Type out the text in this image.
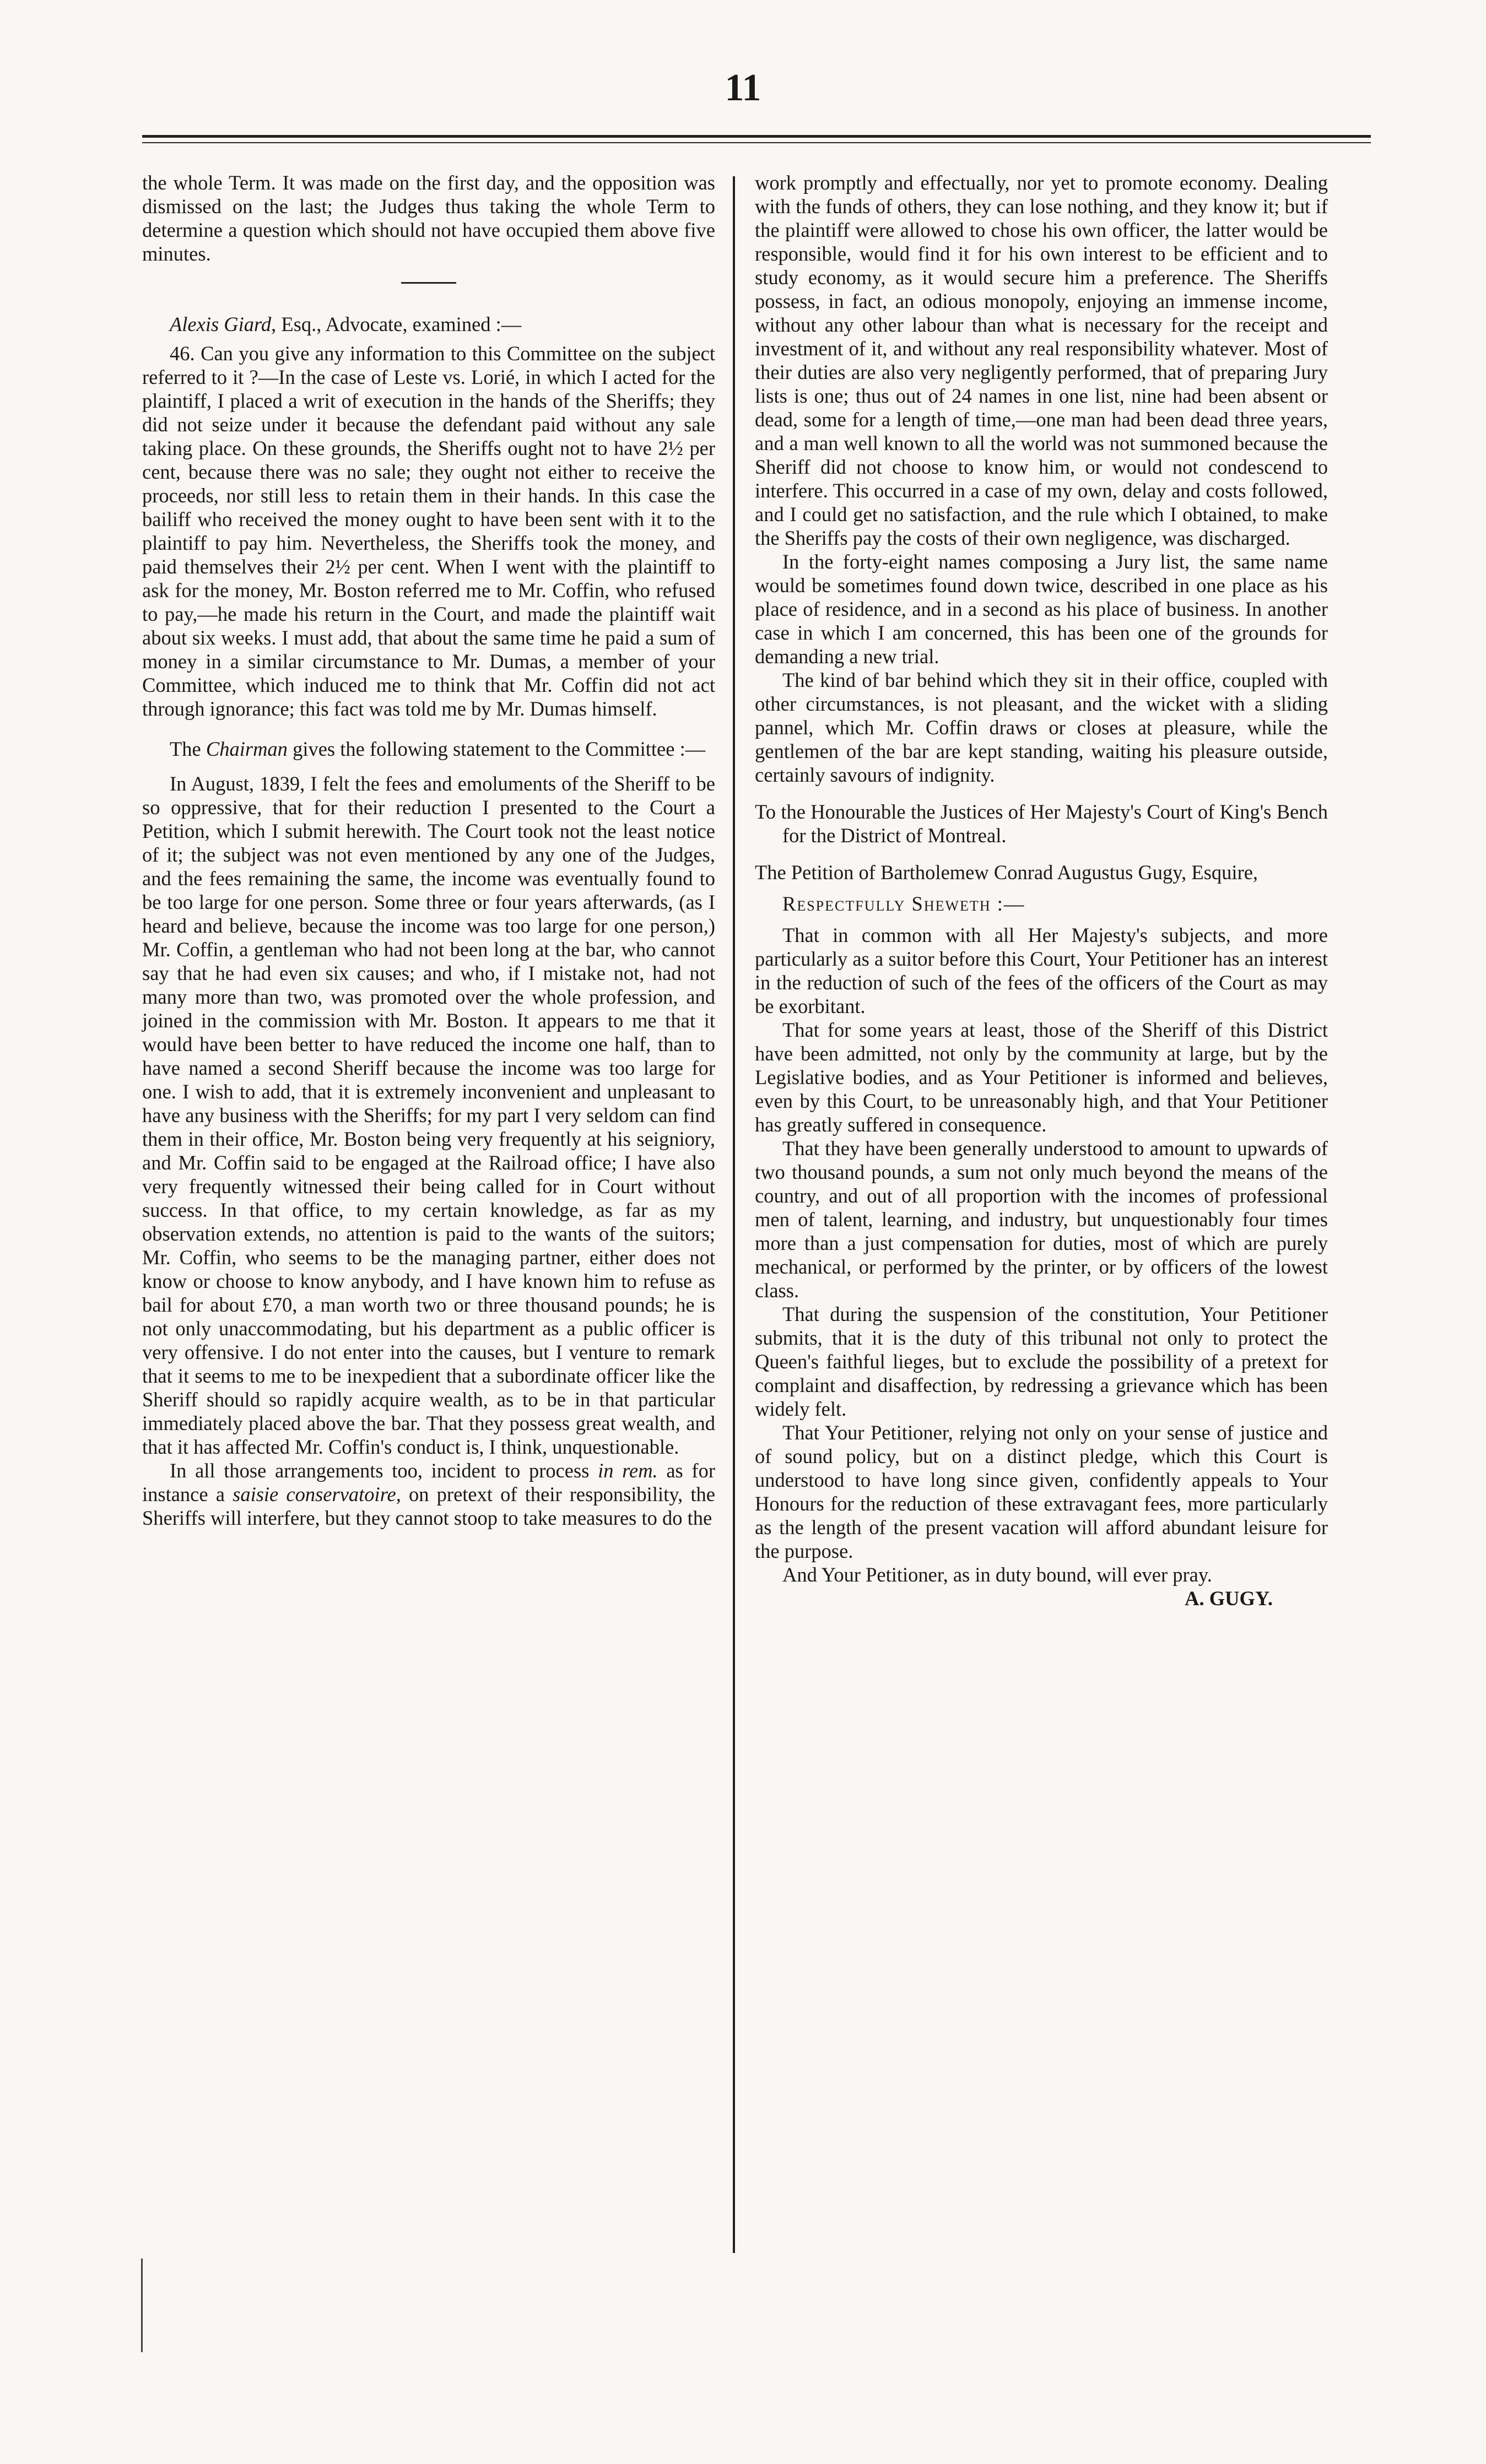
11

the whole Term. It was made on the first day, and the opposition was dismissed on the last; the Judges thus taking the whole Term to determine a question which should not have occupied them above five minutes.

Alexis Giard, Esq., Advocate, examined :—

46. Can you give any information to this Committee on the subject referred to it ?—In the case of Leste vs. Lorié, in which I acted for the plaintiff, I placed a writ of execution in the hands of the Sheriffs; they did not seize under it because the defendant paid without any sale taking place. On these grounds, the Sheriffs ought not to have 2½ per cent, because there was no sale; they ought not either to receive the proceeds, nor still less to retain them in their hands. In this case the bailiff who received the money ought to have been sent with it to the plaintiff to pay him. Nevertheless, the Sheriffs took the money, and paid themselves their 2½ per cent. When I went with the plaintiff to ask for the money, Mr. Boston referred me to Mr. Coffin, who refused to pay,—he made his return in the Court, and made the plaintiff wait about six weeks. I must add, that about the same time he paid a sum of money in a similar circumstance to Mr. Dumas, a member of your Committee, which induced me to think that Mr. Coffin did not act through ignorance; this fact was told me by Mr. Dumas himself.

The Chairman gives the following statement to the Committee :—

In August, 1839, I felt the fees and emoluments of the Sheriff to be so oppressive, that for their reduction I presented to the Court a Petition, which I submit herewith. The Court took not the least notice of it; the subject was not even mentioned by any one of the Judges, and the fees remaining the same, the income was eventually found to be too large for one person. Some three or four years afterwards, (as I heard and believe, because the income was too large for one person,) Mr. Coffin, a gentleman who had not been long at the bar, who cannot say that he had even six causes; and who, if I mistake not, had not many more than two, was promoted over the whole profession, and joined in the commission with Mr. Boston. It appears to me that it would have been better to have reduced the income one half, than to have named a second Sheriff because the income was too large for one. I wish to add, that it is extremely inconvenient and unpleasant to have any business with the Sheriffs; for my part I very seldom can find them in their office, Mr. Boston being very frequently at his seigniory, and Mr. Coffin said to be engaged at the Railroad office; I have also very frequently witnessed their being called for in Court without success. In that office, to my certain knowledge, as far as my observation extends, no attention is paid to the wants of the suitors; Mr. Coffin, who seems to be the managing partner, either does not know or choose to know anybody, and I have known him to refuse as bail for about £70, a man worth two or three thousand pounds; he is not only unaccommodating, but his department as a public officer is very offensive. I do not enter into the causes, but I venture to remark that it seems to me to be inexpedient that a subordinate officer like the Sheriff should so rapidly acquire wealth, as to be in that particular immediately placed above the bar. That they possess great wealth, and that it has affected Mr. Coffin's conduct is, I think, unquestionable.

In all those arrangements too, incident to process in rem. as for instance a saisie conservatoire, on pretext of their responsibility, the Sheriffs will interfere, but they cannot stoop to take measures to do the

work promptly and effectually, nor yet to promote economy. Dealing with the funds of others, they can lose nothing, and they know it; but if the plaintiff were allowed to chose his own officer, the latter would be responsible, would find it for his own interest to be efficient and to study economy, as it would secure him a preference. The Sheriffs possess, in fact, an odious monopoly, enjoying an immense income, without any other labour than what is necessary for the receipt and investment of it, and without any real responsibility whatever. Most of their duties are also very negligently performed, that of preparing Jury lists is one; thus out of 24 names in one list, nine had been absent or dead, some for a length of time,—one man had been dead three years, and a man well known to all the world was not summoned because the Sheriff did not choose to know him, or would not condescend to interfere. This occurred in a case of my own, delay and costs followed, and I could get no satisfaction, and the rule which I obtained, to make the Sheriffs pay the costs of their own negligence, was discharged.

In the forty-eight names composing a Jury list, the same name would be sometimes found down twice, described in one place as his place of residence, and in a second as his place of business. In another case in which I am concerned, this has been one of the grounds for demanding a new trial.

The kind of bar behind which they sit in their office, coupled with other circumstances, is not pleasant, and the wicket with a sliding pannel, which Mr. Coffin draws or closes at pleasure, while the gentlemen of the bar are kept standing, waiting his pleasure outside, certainly savours of indignity.

To the Honourable the Justices of Her Majesty's Court of King's Bench for the District of Montreal.

The Petition of Bartholemew Conrad Augustus Gugy, Esquire,

Respectfully Sheweth :—

That in common with all Her Majesty's subjects, and more particularly as a suitor before this Court, Your Petitioner has an interest in the reduction of such of the fees of the officers of the Court as may be exorbitant.

That for some years at least, those of the Sheriff of this District have been admitted, not only by the community at large, but by the Legislative bodies, and as Your Petitioner is informed and believes, even by this Court, to be unreasonably high, and that Your Petitioner has greatly suffered in consequence.

That they have been generally understood to amount to upwards of two thousand pounds, a sum not only much beyond the means of the country, and out of all proportion with the incomes of professional men of talent, learning, and industry, but unquestionably four times more than a just compensation for duties, most of which are purely mechanical, or performed by the printer, or by officers of the lowest class.

That during the suspension of the constitution, Your Petitioner submits, that it is the duty of this tribunal not only to protect the Queen's faithful lieges, but to exclude the possibility of a pretext for complaint and disaffection, by redressing a grievance which has been widely felt.

That Your Petitioner, relying not only on your sense of justice and of sound policy, but on a distinct pledge, which this Court is understood to have long since given, confidently appeals to Your Honours for the reduction of these extravagant fees, more particularly as the length of the present vacation will afford abundant leisure for the purpose.

And Your Petitioner, as in duty bound, will ever pray.

A. GUGY.
